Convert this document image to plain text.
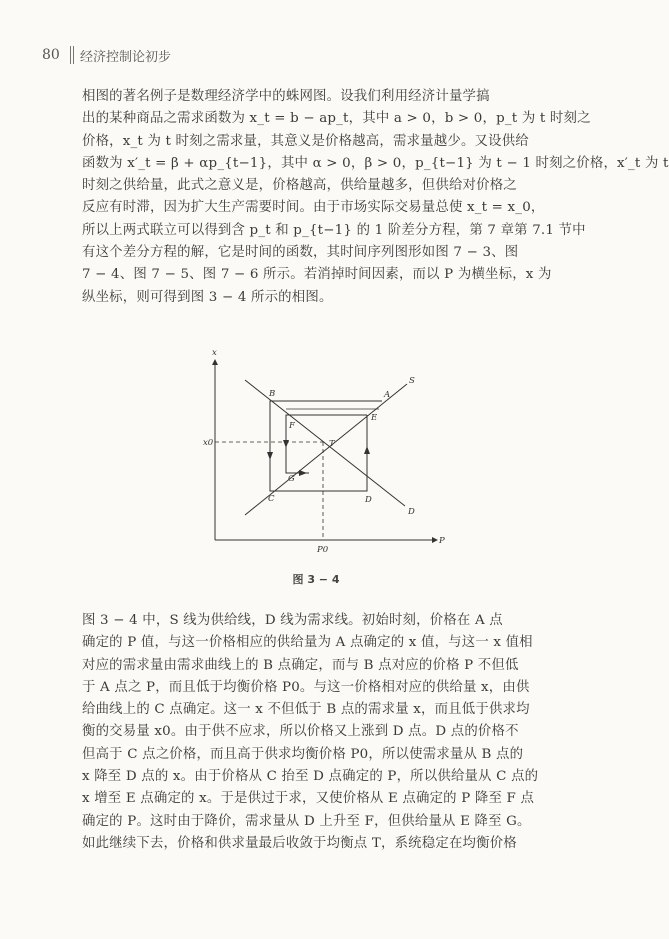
80	经济控制论初步

相图的著名例子是数理经济学中的蛛网图。设我们利用经济计量学搞

出的某种商品之需求函数为 x_t = b − ap_t，其中 a > 0，b > 0，p_t 为 t 时刻之

价格，x_t 为 t 时刻之需求量，其意义是价格越高，需求量越少。又设供给

函数为 x′_t = β + αp_{t−1}，其中 α > 0，β > 0，p_{t−1} 为 t − 1 时刻之价格，x′_t 为 t

时刻之供给量，此式之意义是，价格越高，供给量越多，但供给对价格之

反应有时滞，因为扩大生产需要时间。由于市场实际交易量总使 x_t = x_0，

所以上两式联立可以得到含 p_t 和 p_{t−1} 的 1 阶差分方程，第 7 章第 7.1 节中

有这个差分方程的解，它是时间的函数，其时间序列图形如图 7 − 3、图

7 − 4、图 7 − 5、图 7 − 6 所示。若消掉时间因素，而以 P 为横坐标，x 为

纵坐标，则可得到图 3 − 4 所示的相图。

x
P
x0
P0
S
D
A
B
C	D
E
F
G
T
图 3 − 4

图 3 − 4 中，S 线为供给线，D 线为需求线。初始时刻，价格在 A 点

确定的 P 值，与这一价格相应的供给量为 A 点确定的 x 值，与这一 x 值相

对应的需求量由需求曲线上的 B 点确定，而与 B 点对应的价格 P 不但低

于 A 点之 P，而且低于均衡价格 P0。与这一价格相对应的供给量 x，由供

给曲线上的 C 点确定。这一 x 不但低于 B 点的需求量 x，而且低于供求均

衡的交易量 x0。由于供不应求，所以价格又上涨到 D 点。D 点的价格不

但高于 C 点之价格，而且高于供求均衡价格 P0，所以使需求量从 B 点的

x 降至 D 点的 x。由于价格从 C 抬至 D 点确定的 P，所以供给量从 C 点的

x 增至 E 点确定的 x。于是供过于求，又使价格从 E 点确定的 P 降至 F 点

确定的 P。这时由于降价，需求量从 D 上升至 F，但供给量从 E 降至 G。

如此继续下去，价格和供求量最后收敛于均衡点 T，系统稳定在均衡价格
